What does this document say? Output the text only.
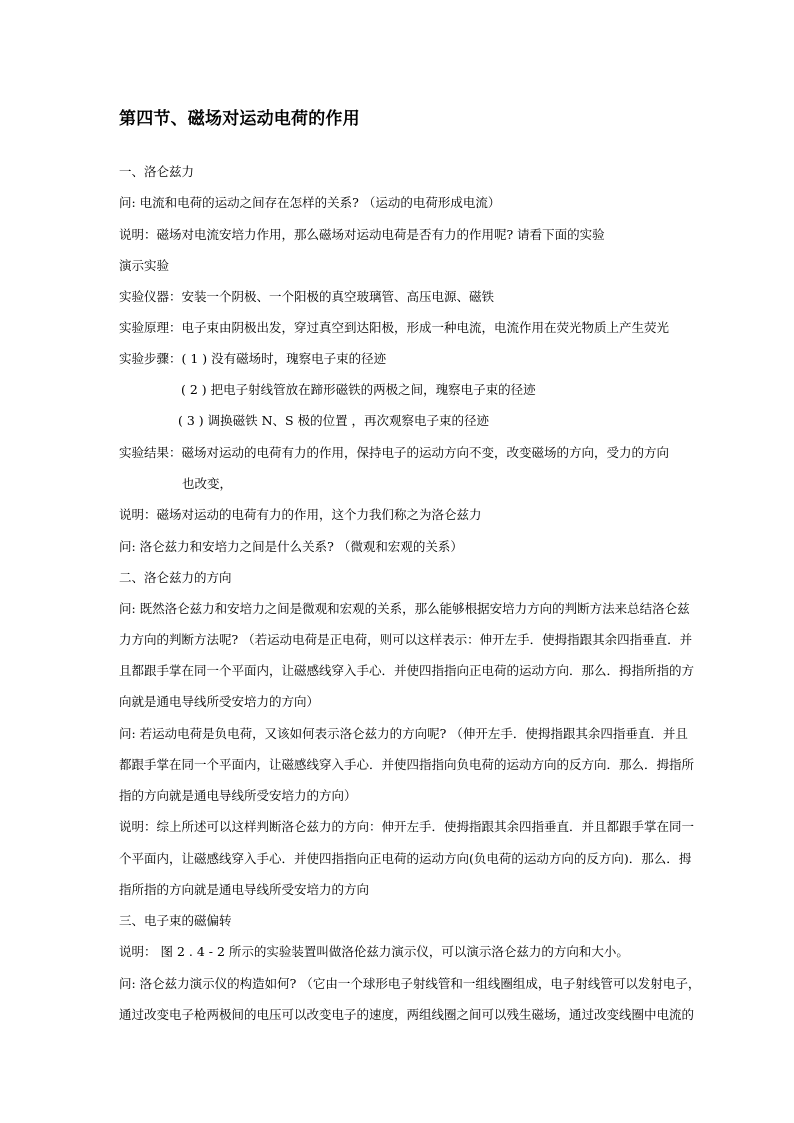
第四节、磁场对运动电荷的作用
一、洛仑兹力
问: 电流和电荷的运动之间存在怎样的关系? （运动的电荷形成电流）
说明：磁场对电流安培力作用，那么磁场对运动电荷是否有力的作用呢? 请看下面的实验
演示实验
实验仪器：安装一个阴极、一个阳极的真空玻璃管、高压电源、磁铁
实验原理：电子束由阴极出发，穿过真空到达阳极，形成一种电流，电流作用在荧光物质上产生荧光
实验步骤：( 1 ) 没有磁场时，瑰察电子束的径迹
( 2 ) 把电子射线管放在蹄形磁铁的两极之间，瑰察电子束的径迹
( 3 ) 调换磁铁 N、S 极的位置 ，再次观察电子束的径迹
实验结果：磁场对运动的电荷有力的作用，保持电子的运动方向不变，改变磁场的方向，受力的方向
也改变，
说明：磁场对运动的电荷有力的作用，这个力我们称之为洛仑兹力
问: 洛仑兹力和安培力之间是什么关系? （微观和宏观的关系）
二、洛仑兹力的方向
问: 既然洛仑兹力和安培力之间是微观和宏观的关系，那么能够根据安培力方向的判断方法来总结洛仑兹
力方向的判断方法呢? （若运动电荷是正电荷，则可以这样表示：伸开左手．使拇指跟其余四指垂直．并
且都跟手掌在同一个平面内，让磁感线穿入手心．并使四指指向正电荷的运动方向．那么．拇指所指的方
向就是通电导线所受安培力的方向）
问: 若运动电荷是负电荷，又该如何表示洛仑兹力的方向呢? （伸开左手．使拇指跟其余四指垂直．并且
都跟手掌在同一个平面内，让磁感线穿入手心．并使四指指向负电荷的运动方向的反方向．那么．拇指所
指的方向就是通电导线所受安培力的方向）
说明：综上所述可以这样判断洛仑兹力的方向：伸开左手．使拇指跟其余四指垂直．并且都跟手掌在同一
个平面内，让磁感线穿入手心．并使四指指向正电荷的运动方向(负电荷的运动方向的反方向)．那么．拇
指所指的方向就是通电导线所受安培力的方向
三、电子束的磁偏转
说明： 图 2 . 4 - 2 所示的实验装置叫做洛伦兹力演示仪，可以演示洛仑兹力的方向和大小。
问: 洛仑兹力演示仪的构造如何? （它由一个球形电子射线管和一组线圈组成，电子射线管可以发射电子，
通过改变电子枪两极间的电压可以改变电子的速度，两组线圈之间可以残生磁场，通过改变线圈中电流的
